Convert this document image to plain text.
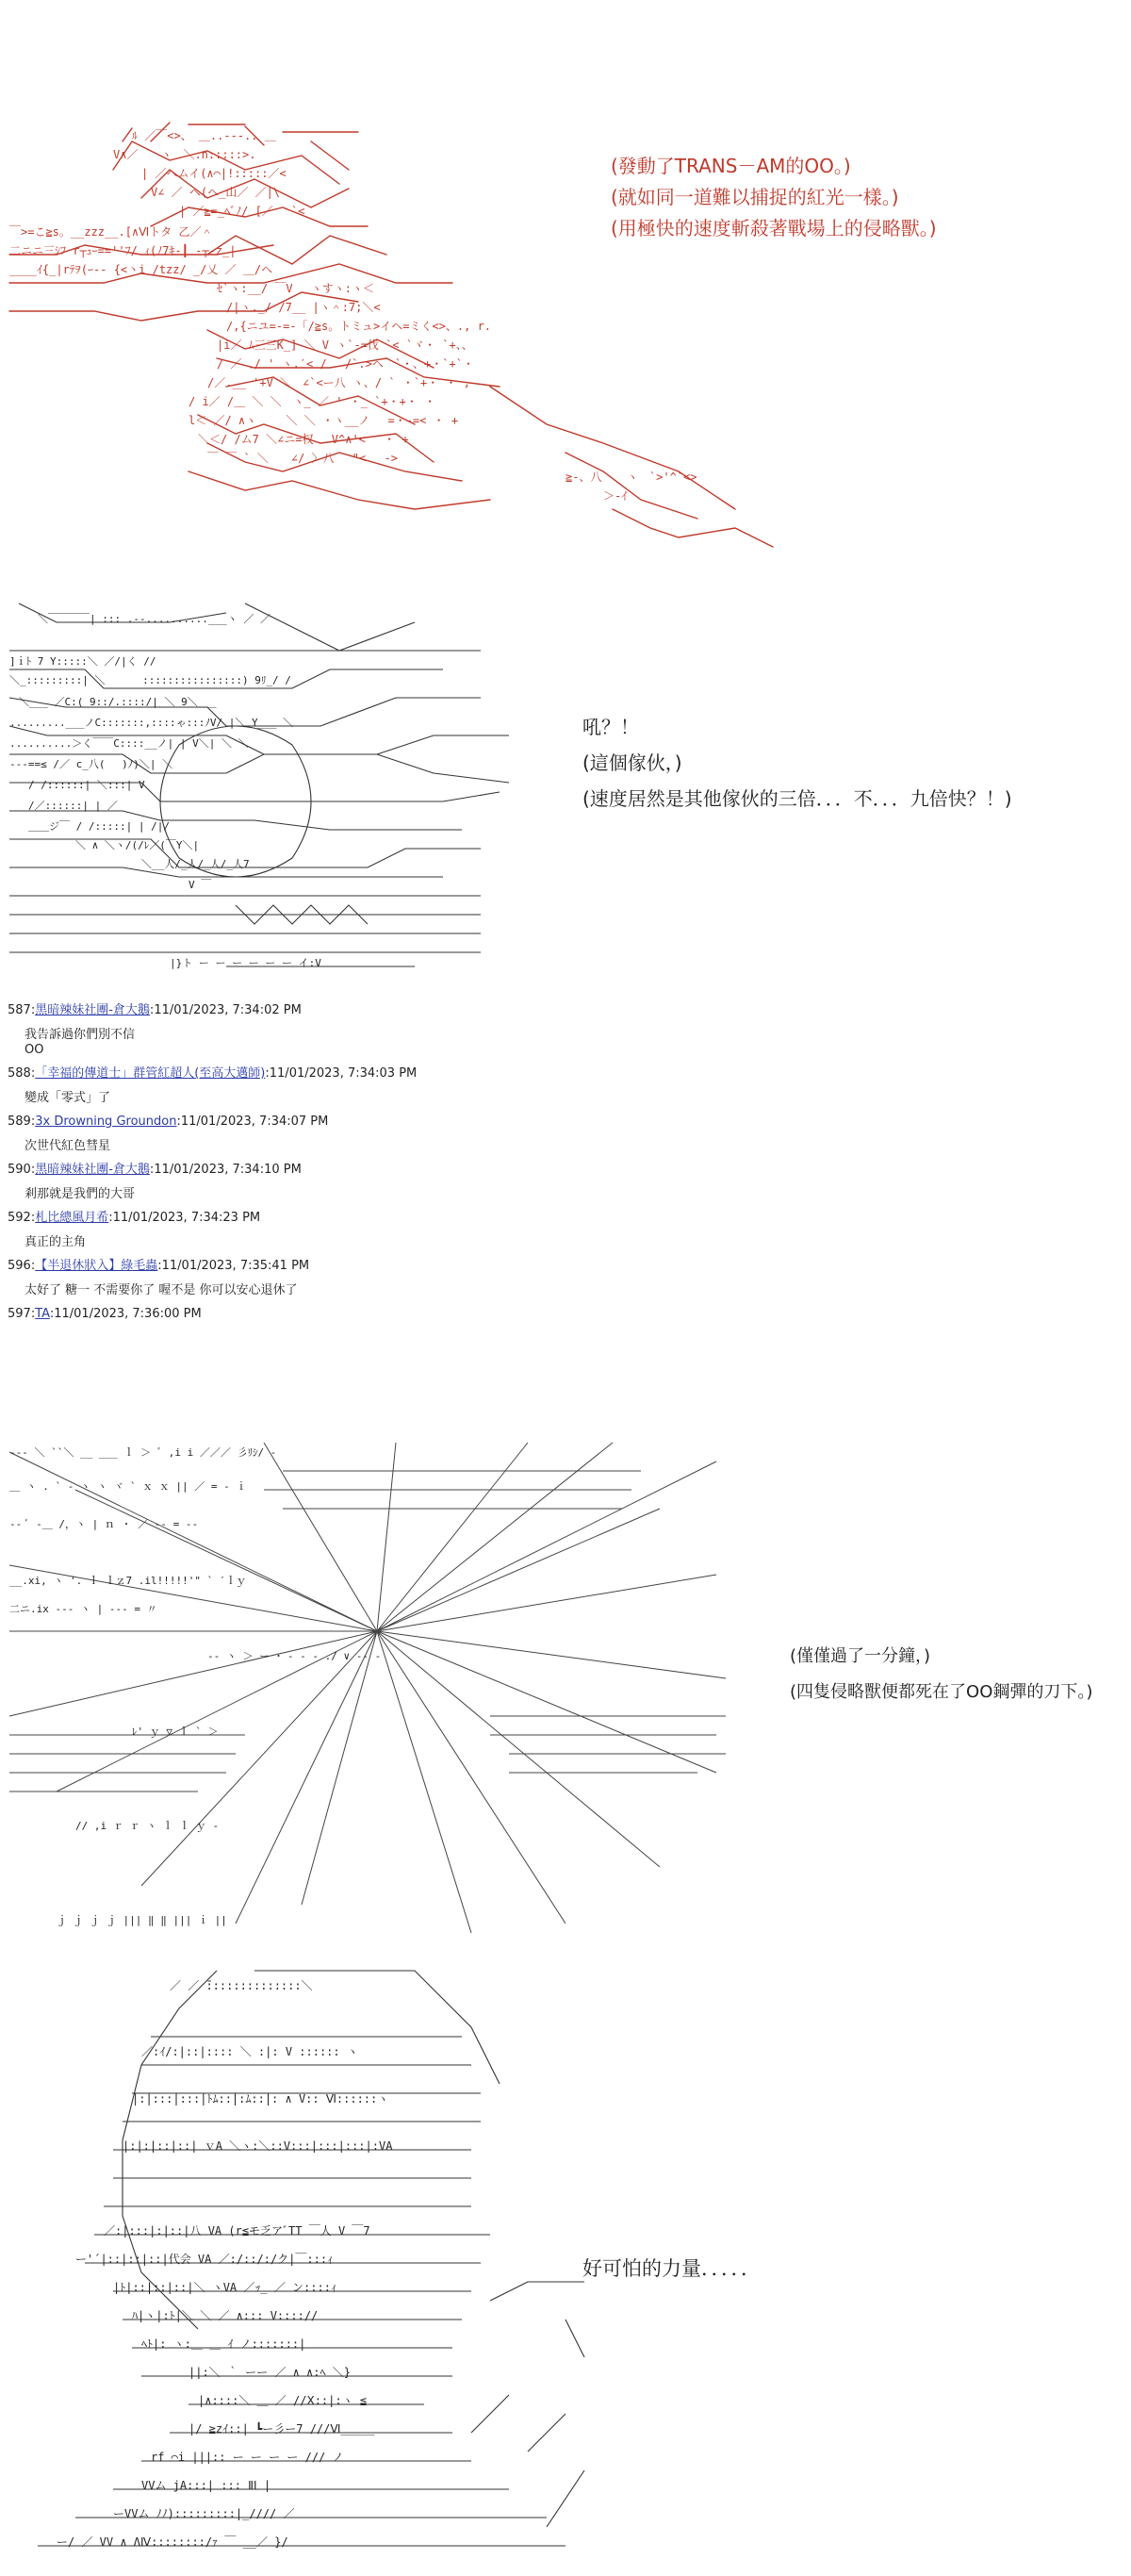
ﾙ ／￣<>、 ＿..---.. ＿
V∧／　　ヽ　＼.n:::::>.
| ／ヘムイ(∧⌒|!:::::／<
V∠ ／ ヘ(ヘ_山／ ／|\
| ／≧=_ﾍﾞﾉ/ [／ 　`<
￣>=こ≧s。__zzz__.[∧Ⅵトタ 乙／＾
二ニニ三ｼﾌ r┬ｭｰ==''ﾌ/ ｨ(ﾉ7ｷ‐┃ ‐┬‐z_|
____ｲ{_|rﾃｦ(ｰ-- {<丶i /tzz/ _/乂 ／ ＿/ヘ
ｾ`ヽ:__/ ￣V　 ヽすヽ:ヽ＜
/|ヽ._/ /7__ |ヽ＾:7;＼<
/,{ニユ=-=-「/≧s。トミュ>イヘ=ミく<>、., r.
|i／ ﾑ三三K_] ＼ V ヽ`-=伐 `< `ヾ・ `+、、
/ ／ ､/ ' ヽ.′< /　 /`.>ヘ　`・、+・`+`・
/／.__ '+V ＼　∠`<ー八 ヽ、/ ` ・`+・ ・ ,
/ i／ /＿ ＼ ＼　ヽ_ ／ ' ・_ `+・+・ ・
l＜ ／/ ∧ヽ　　 ＼ ＼ ・ヽ__ノ　 =・-=< ・ +
＼＜/ /ム7 ＼∠ニ=权　 V^∧'<　 ・ +
￣ ￣ ` ＼　　∠/ 〉八　 "<　 ->
≧-、八 　 ヽ　`>'^`<>
＞-ｲ
(發動了TRANS－AM的OO。)
(就如同一道難以捕捉的紅光一樣。)
(用極快的速度斬殺著戰場上的侵略獸。)
＼￣￣￣￣| ::: .--..........___ヽ ／ ／
]ｉﾄ 7 Y:::::＼ ／/|く //
＼_:::::::::| ＼　　　 ::::::::::::::::) 9ﾘ_/ /
＼___ ／C:(_9::/.::::/| ＼ 9＼___
.........___ノC:::::::,::::ゃ:::ﾉV/ |＼ Y___ ＼
..........＞く￣￣C::::__ノ| | V＼| ＼ ＼
---==≤ /／ c_八(　 )ﾉ)＼| ＼
/ /::::::| ＼:::| V
/／::::::| | ／
＿＿ジ￣ / /:::::| | /|/
＼ ∧ ＼ヽ/(/ﾚ／(￣Y＼|
＼__人/_人/_人/_人7
V ￣
|}ト ー ー ー ー ー ー イ:V
吼？！
(這個傢伙，)
(速度居然是其他傢伙的三倍．．．不．．．九倍快？！)
587:黑暗辣妹社團-倉大鵝:11/01/2023, 7:34:02 PM
我告訴過你們別不信
OO
588:「幸福的傳道士」群管紅超人(至高大邁師):11/01/2023, 7:34:03 PM
變成「零式」了
589:3x Drowning Groundon:11/01/2023, 7:34:07 PM
次世代紅色彗星
590:黑暗辣妹社團-倉大鵝:11/01/2023, 7:34:10 PM
剎那就是我們的大哥
592:札比總風月希:11/01/2023, 7:34:23 PM
真正的主角
596:【半退休狀入】綠毛蟲:11/01/2023, 7:35:41 PM
太好了 糖一 不需要你了 喔不是 你可以安心退休了
597:TA:11/01/2023, 7:36:00 PM
--‐ ＼ ``＼ __ ___ ｌ ＞ ﾞ ,i i ／／／ 彡ﾘｼ/ ‐
＿ ヽ . ` ‐ ヽ ヽ ヾ ` ｘ ｘ || ／ = ‐ ｉ
‐‐ ﾞ ‐＿ /，ヽ | ｎ ・ ／ ‐‐ = ‐‐
__.xi, ヽ '. ｌ ｌｚ7 .il!!!!!'" ` ′ｌｙ
二ニ.ix ‐‐‐ ヽ | ‐‐‐ = 〃
‐‐ ヽ ＞ ー ･ ‐ - ‐ ./ ∨ ‐‐ ‐
ﾚ' ｙ ▽ ｌ ` ＞
// ,i ｒ ｒ ヽ ｌ ｌ ｙ ‐
ｊ ｊ ｊ ｊ ||| ‖ ‖ ||| ｉ ||
(僅僅過了一分鐘，)
(四隻侵略獸便都死在了OO鋼彈的刀下。)
／ ／ ̄::::::::::::::＼
／:ｲ/:|::|:::: ＼ :|: V :::::: ヽ
|:|:::|:::|ﾄﾑ::|:ﾑ::|: ∧ V:: Ⅵ::::::ヽ
|:|:|::|::| ｖA ＼ヽ:＼::V:::|:::|:::|:VA
／:|:::|:|::|八 VA (r≦モ乏アﾞTT ￣人 V ￣7
ー'´|::|::|::|代会 VA ／:/::/:/ク|￣:::ｨ
|ﾄ|::|::|::|＼ ヽVA ／ｯ_ ／ ン::::ｨ
ﾊ|ヽ|:ﾄ|＼ ＼ ／ ∧::: V:::://
ﾍﾄ|: ヽ:＿ ＿ ｲ ノ:::::::|
||:＼ ｀ ーー ／ ∧ ∧:ﾍ ＼}
|∧::::＼ ＿ ／ //Ⅹ::|:ヽ ≦
|/ ≧zｲ::| ┗ー彡ー7 ///Ⅵ_____
rf ⌒i |||:: ー ー ー ー /// ノ
VVム jA:::| ::: ⅡⅠ |
ーVVム ﾉﾉ):::::::::|_//// ／
ー/ ／ VV ∧ ΛⅣ::::::::/ｧ ￣ __／ }/
好可怕的力量．．．．．
